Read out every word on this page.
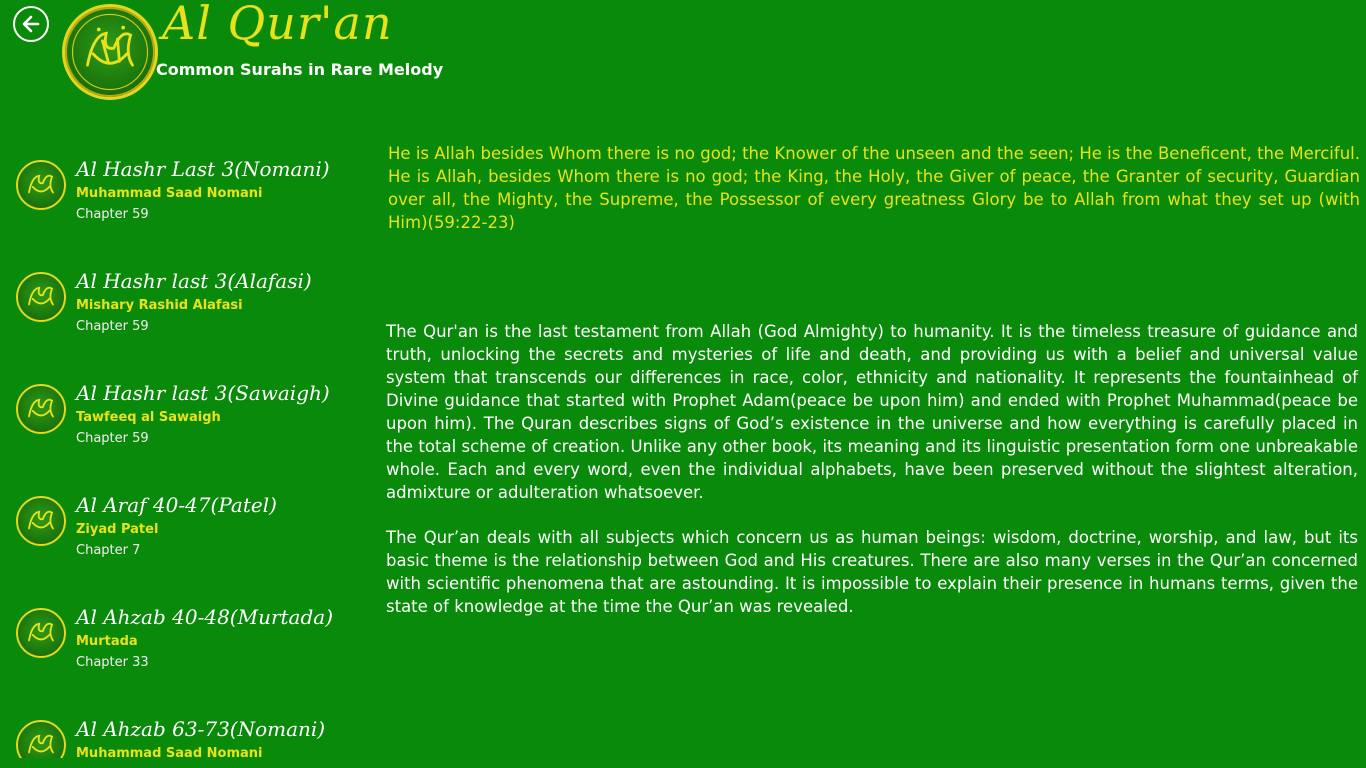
Al Qur'an
Common Surahs in Rare Melody
Al Hashr Last 3(Nomani)
Muhammad Saad Nomani
Chapter 59
Al Hashr last 3(Alafasi)
Mishary Rashid Alafasi
Chapter 59
Al Hashr last 3(Sawaigh)
Tawfeeq al Sawaigh
Chapter 59
Al Araf 40-47(Patel)
Ziyad Patel
Chapter 7
Al Ahzab 40-48(Murtada)
Murtada
Chapter 33
Al Ahzab 63-73(Nomani)
Muhammad Saad Nomani

He is Allah besides Whom there is no god; the Knower of the unseen and the seen; He is the Beneficent, the Merciful. He is Allah, besides Whom there is no god; the King, the Holy, the Giver of peace, the Granter of security, Guardian over all, the Mighty, the Supreme, the Possessor of every greatness Glory be to Allah from what they set up (with Him)(59:22-23)

The Qur'an is the last testament from Allah (God Almighty) to humanity. It is the timeless treasure of guidance and truth, unlocking the secrets and mysteries of life and death, and providing us with a belief and universal value system that transcends our differences in race, color, ethnicity and nationality. It represents the fountainhead of Divine guidance that started with Prophet Adam(peace be upon him) and ended with Prophet Muhammad(peace be upon him). The Quran describes signs of God’s existence in the universe and how everything is carefully placed in the total scheme of creation. Unlike any other book, its meaning and its linguistic presentation form one unbreakable whole. Each and every word, even the individual alphabets, have been preserved without the slightest alteration, admixture or adulteration whatsoever.

The Qur’an deals with all subjects which concern us as human beings: wisdom, doctrine, worship, and law, but its basic theme is the relationship between God and His creatures. There are also many verses in the Qur’an concerned with scientific phenomena that are astounding. It is impossible to explain their presence in humans terms, given the state of knowledge at the time the Qur’an was revealed.
